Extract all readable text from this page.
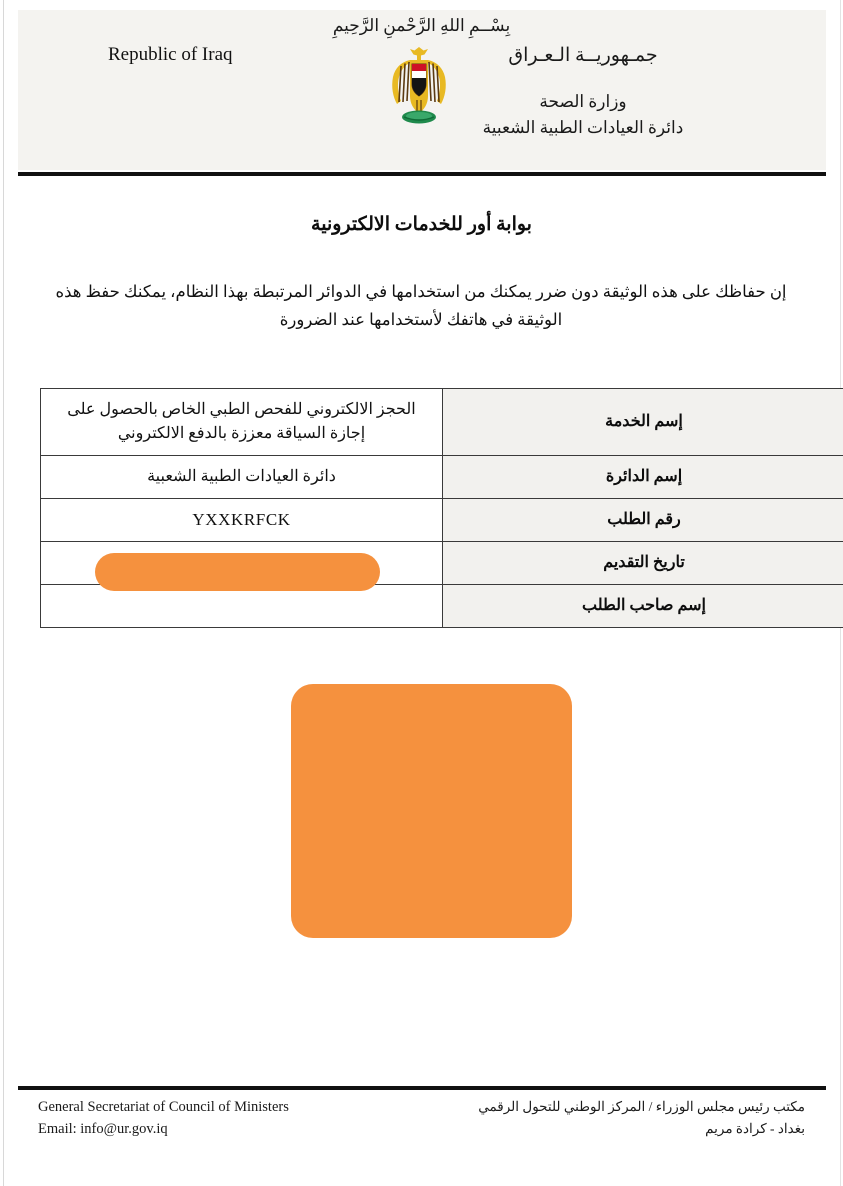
بِسْــمِ اللهِ الرَّحْمنِ الرَّحِيمِ
Republic of Iraq	جمـهوريــة الـعـراق
وزارة الصحة
دائرة العيادات الطبية الشعبية
بوابة أور للخدمات الالكترونية
إن حفاظك على هذه الوثيقة دون ضرر يمكنك من استخدامها في الدوائر المرتبطة بهذا النظام، يمكنك حفظ هذه الوثيقة في هاتفك لأستخدامها عند الضرورة
إسم الخدمة	الحجز الالكتروني للفحص الطبي الخاص بالحصول على إجازة السياقة معززة بالدفع الالكتروني
إسم الدائرة	دائرة العيادات الطبية الشعبية
رقم الطلب	YXXKRFCK
تاريخ التقديم	
إسم صاحب الطلب	
General Secretariat of Council of Ministers
Email: info@ur.gov.iq
مكتب رئيس مجلس الوزراء / المركز الوطني للتحول الرقمي
بغداد - كرادة مريم
